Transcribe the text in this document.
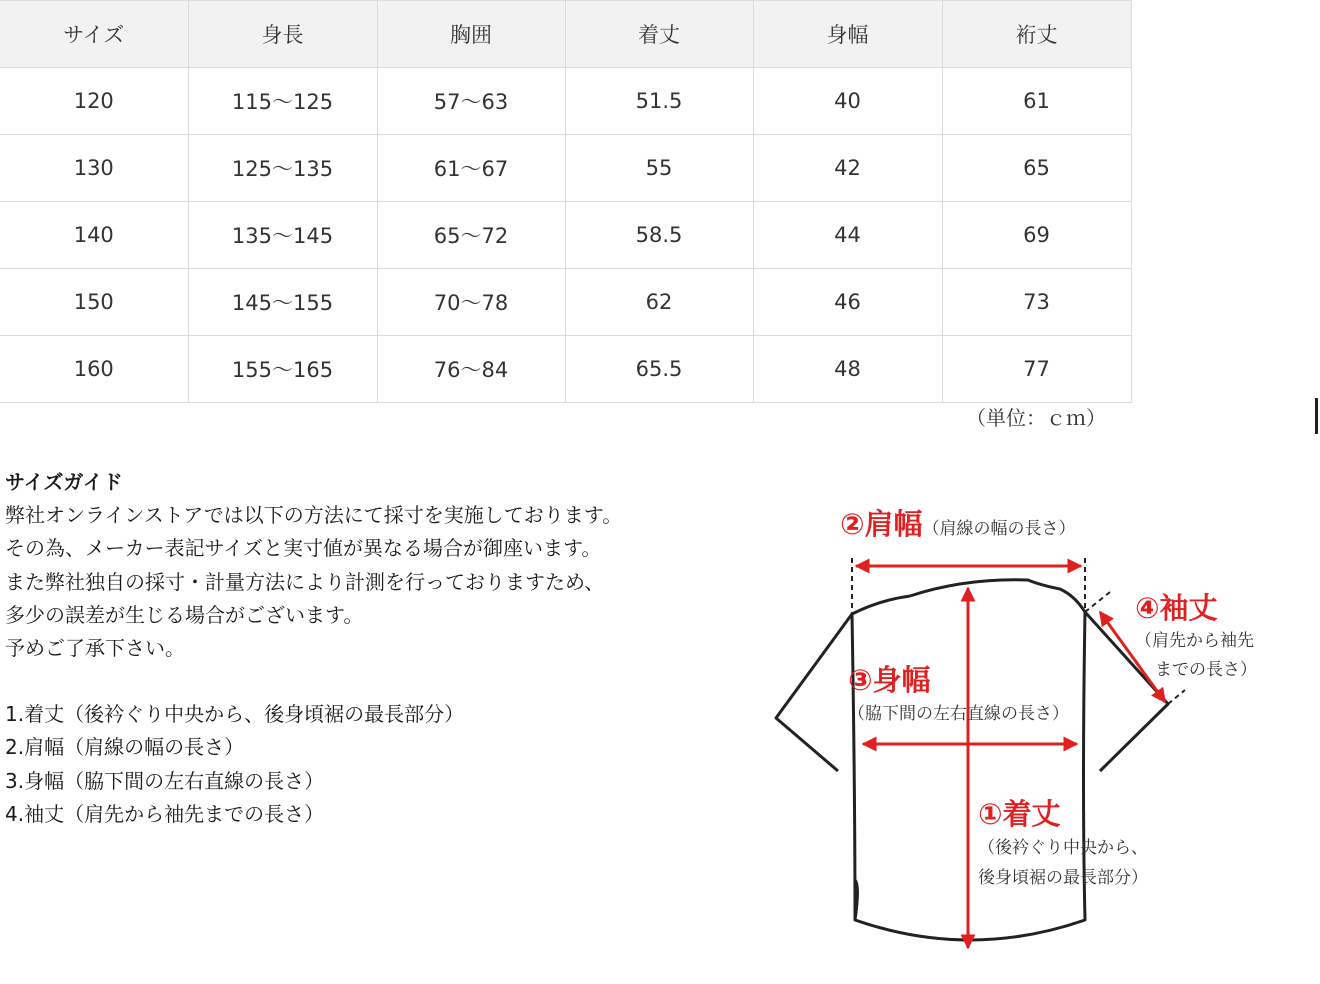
サイズ	身長	胸囲	着丈	身幅	裄丈
120	115～125	57～63	51.5	40	61
130	125～135	61～67	55	42	65
140	135～145	65～72	58.5	44	69
150	145～155	70～78	62	46	73
160	155～165	76～84	65.5	48	77
（単位：ｃｍ）

サイズガイド

弊社オンラインストアでは以下の方法にて採寸を実施しております。

その為、メーカー表記サイズと実寸値が異なる場合が御座います。

また弊社独自の採寸・計量方法により計測を行っておりますため、

多少の誤差が生じる場合がございます。

予めご了承下さい。

1.着丈（後衿ぐり中央から、後身頃裾の最長部分）

2.肩幅（肩線の幅の長さ）

3.身幅（脇下間の左右直線の長さ）

4.袖丈（肩先から袖先までの長さ）

②肩幅（肩線の幅の長さ）
④袖丈
（肩先から袖先
までの長さ）
③身幅
（脇下間の左右直線の長さ）
①着丈
（後衿ぐり中央から、
後身頃裾の最長部分）
